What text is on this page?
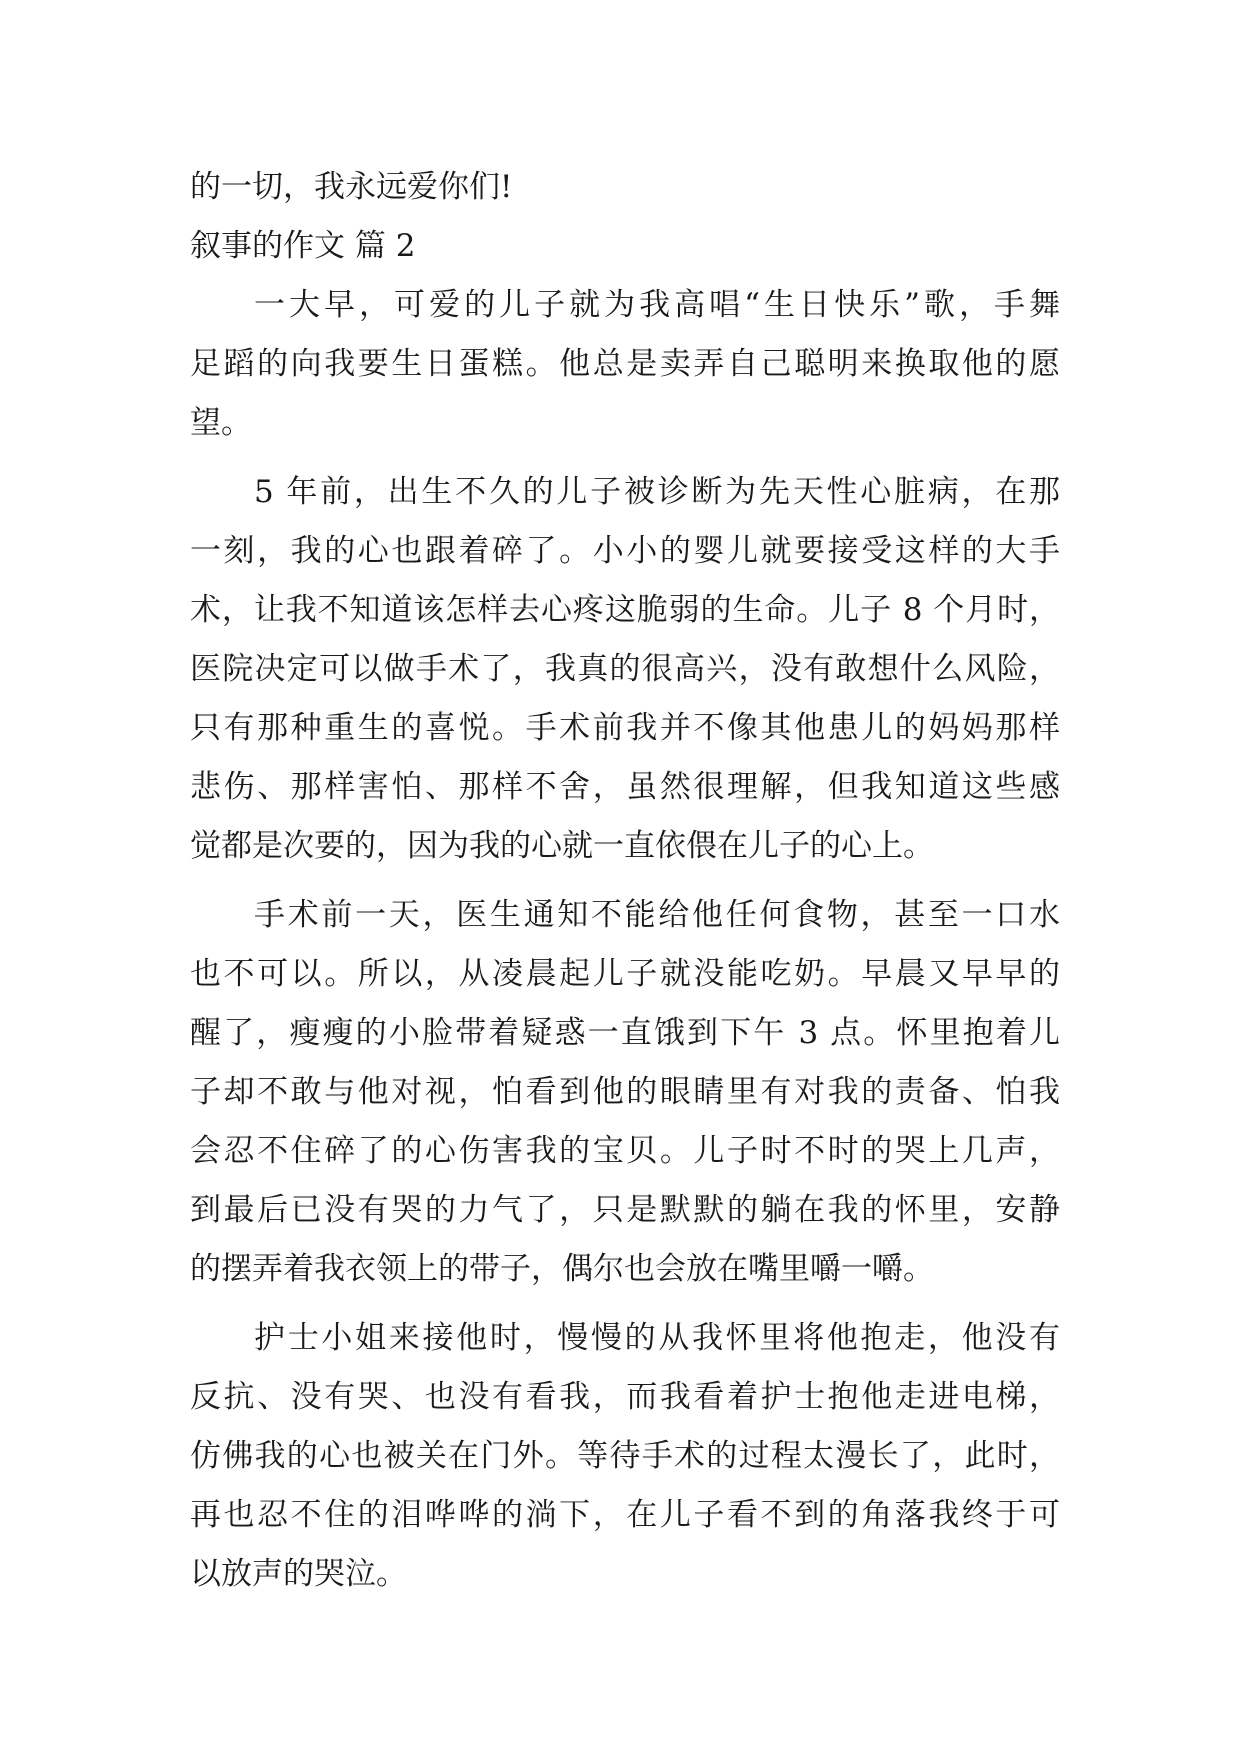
的一切，我永远爱你们!
叙事的作文 篇 2
一大早，可爱的儿子就为我高唱“生日快乐”歌，手舞
足蹈的向我要生日蛋糕。他总是卖弄自己聪明来换取他的愿
望。
5 年前，出生不久的儿子被诊断为先天性心脏病，在那
一刻，我的心也跟着碎了。小小的婴儿就要接受这样的大手
术，让我不知道该怎样去心疼这脆弱的生命。儿子 8 个月时，
医院决定可以做手术了，我真的很高兴，没有敢想什么风险，
只有那种重生的喜悦。手术前我并不像其他患儿的妈妈那样
悲伤、那样害怕、那样不舍，虽然很理解，但我知道这些感
觉都是次要的，因为我的心就一直依偎在儿子的心上。
手术前一天，医生通知不能给他任何食物，甚至一口水
也不可以。所以，从凌晨起儿子就没能吃奶。早晨又早早的
醒了，瘦瘦的小脸带着疑惑一直饿到下午 3 点。怀里抱着儿
子却不敢与他对视，怕看到他的眼睛里有对我的责备、怕我
会忍不住碎了的心伤害我的宝贝。儿子时不时的哭上几声，
到最后已没有哭的力气了，只是默默的躺在我的怀里，安静
的摆弄着我衣领上的带子，偶尔也会放在嘴里嚼一嚼。
护士小姐来接他时，慢慢的从我怀里将他抱走，他没有
反抗、没有哭、也没有看我，而我看着护士抱他走进电梯，
仿佛我的心也被关在门外。等待手术的过程太漫长了，此时，
再也忍不住的泪哗哗的淌下，在儿子看不到的角落我终于可
以放声的哭泣。
